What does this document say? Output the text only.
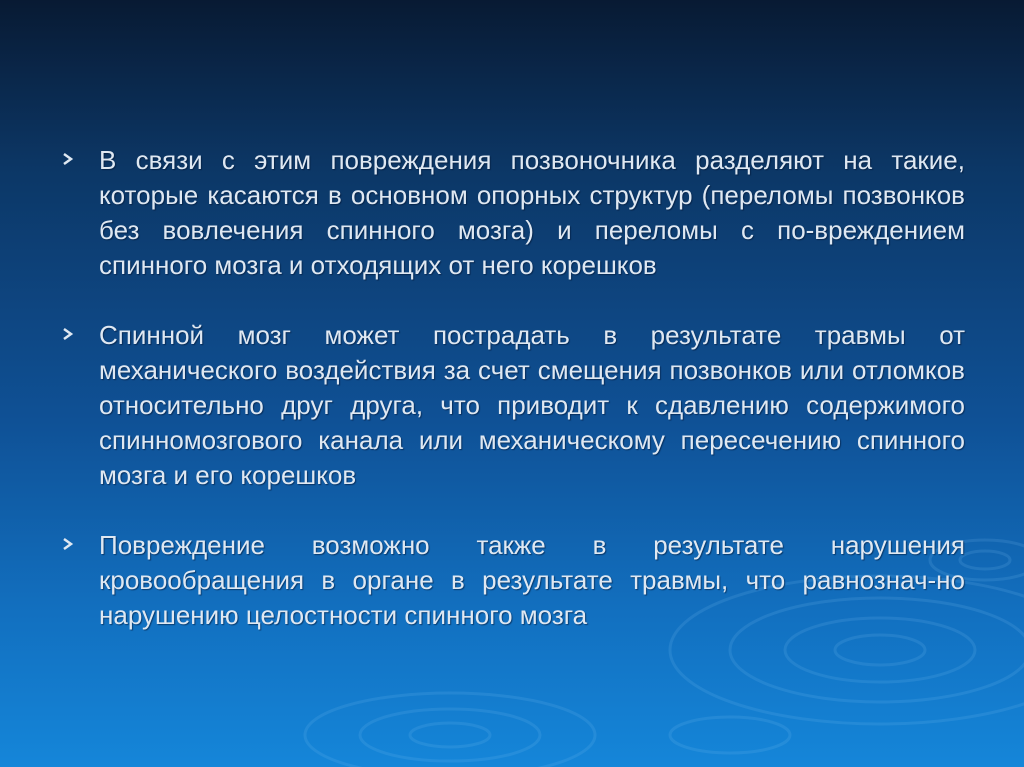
В связи с этим повреждения позвоночника разделяют на такие, которые касаются в основном опорных структур (переломы позвонков без вовлечения спинного мозга) и переломы с по-вреждением спинного мозга и отходящих от него корешков
Спинной мозг может пострадать в результате травмы от механического воздействия за счет смещения позвонков или отломков относительно друг друга, что приводит к сдавлению содержимого спинномозгового канала или механическому пересечению спинного мозга и его корешков
Повреждение возможно также в результате нарушения кровообращения в органе в результате травмы, что равнознач-но нарушению целостности спинного мозга
